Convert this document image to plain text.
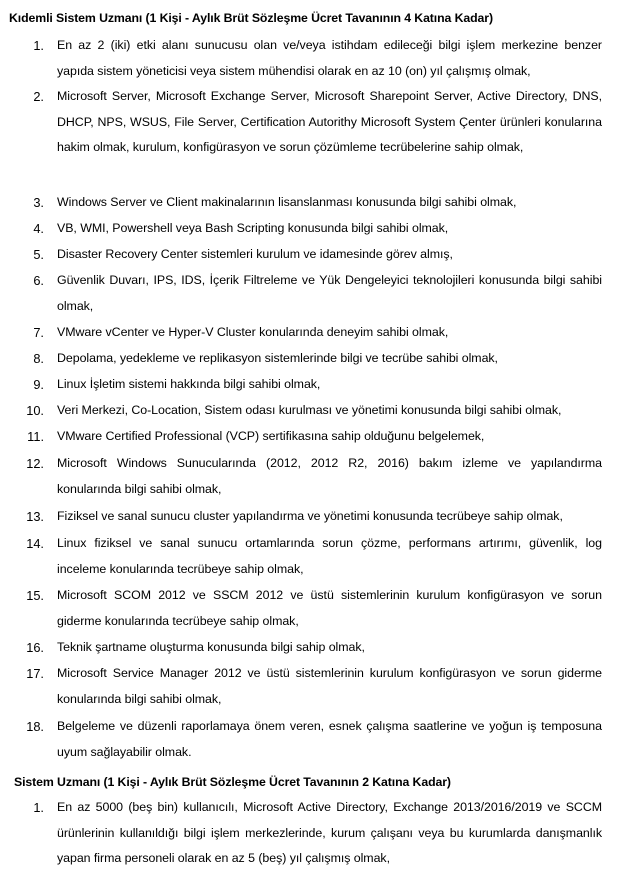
Kıdemli Sistem Uzmanı (1 Kişi - Aylık Brüt Sözleşme Ücret Tavanının 4 Katına Kadar)
1. En az 2 (iki) etki alanı sunucusu olan ve/veya istihdam edileceği bilgi işlem merkezine benzer yapıda sistem yöneticisi veya sistem mühendisi olarak en az 10 (on) yıl çalışmış olmak,
2. Microsoft Server, Microsoft Exchange Server, Microsoft Sharepoint Server, Active Directory, DNS, DHCP, NPS, WSUS, File Server, Certification Autorithy Microsoft System Çenter ürünleri konularına hakim olmak, kurulum, konfigürasyon ve sorun çözümleme tecrübelerine sahip olmak,
3. Windows Server ve Client makinalarının lisanslanması konusunda bilgi sahibi olmak,
4. VB, WMI, Powershell veya Bash Scripting konusunda bilgi sahibi olmak,
5. Disaster Recovery Center sistemleri kurulum ve idamesinde görev almış,
6. Güvenlik Duvarı, IPS, IDS, İçerik Filtreleme ve Yük Dengeleyici teknolojileri konusunda bilgi sahibi olmak,
7. VMware vCenter ve Hyper-V Cluster konularında deneyim sahibi olmak,
8. Depolama, yedekleme ve replikasyon sistemlerinde bilgi ve tecrübe sahibi olmak,
9. Linux İşletim sistemi hakkında bilgi sahibi olmak,
10. Veri Merkezi, Co-Location, Sistem odası kurulması ve yönetimi konusunda bilgi sahibi olmak,
11. VMware Certified Professional (VCP) sertifikasına sahip olduğunu belgelemek,
12. Microsoft Windows Sunucularında (2012, 2012 R2, 2016) bakım izleme ve yapılandırma konularında bilgi sahibi olmak,
13. Fiziksel ve sanal sunucu cluster yapılandırma ve yönetimi konusunda tecrübeye sahip olmak,
14. Linux fiziksel ve sanal sunucu ortamlarında sorun çözme, performans artırımı, güvenlik, log inceleme konularında tecrübeye sahip olmak,
15. Microsoft SCOM 2012 ve SSCM 2012 ve üstü sistemlerinin kurulum konfigürasyon ve sorun giderme konularında tecrübeye sahip olmak,
16. Teknik şartname oluşturma konusunda bilgi sahip olmak,
17. Microsoft Service Manager 2012 ve üstü sistemlerinin kurulum konfigürasyon ve sorun giderme konularında bilgi sahibi olmak,
18. Belgeleme ve düzenli raporlamaya önem veren, esnek çalışma saatlerine ve yoğun iş temposuna uyum sağlayabilir olmak.
Sistem Uzmanı (1 Kişi - Aylık Brüt Sözleşme Ücret Tavanının 2 Katına Kadar)
1. En az 5000 (beş bin) kullanıcılı, Microsoft Active Directory, Exchange 2013/2016/2019 ve SCCM ürünlerinin kullanıldığı bilgi işlem merkezlerinde, kurum çalışanı veya bu kurumlarda danışmanlık yapan firma personeli olarak en az 5 (beş) yıl çalışmış olmak,
